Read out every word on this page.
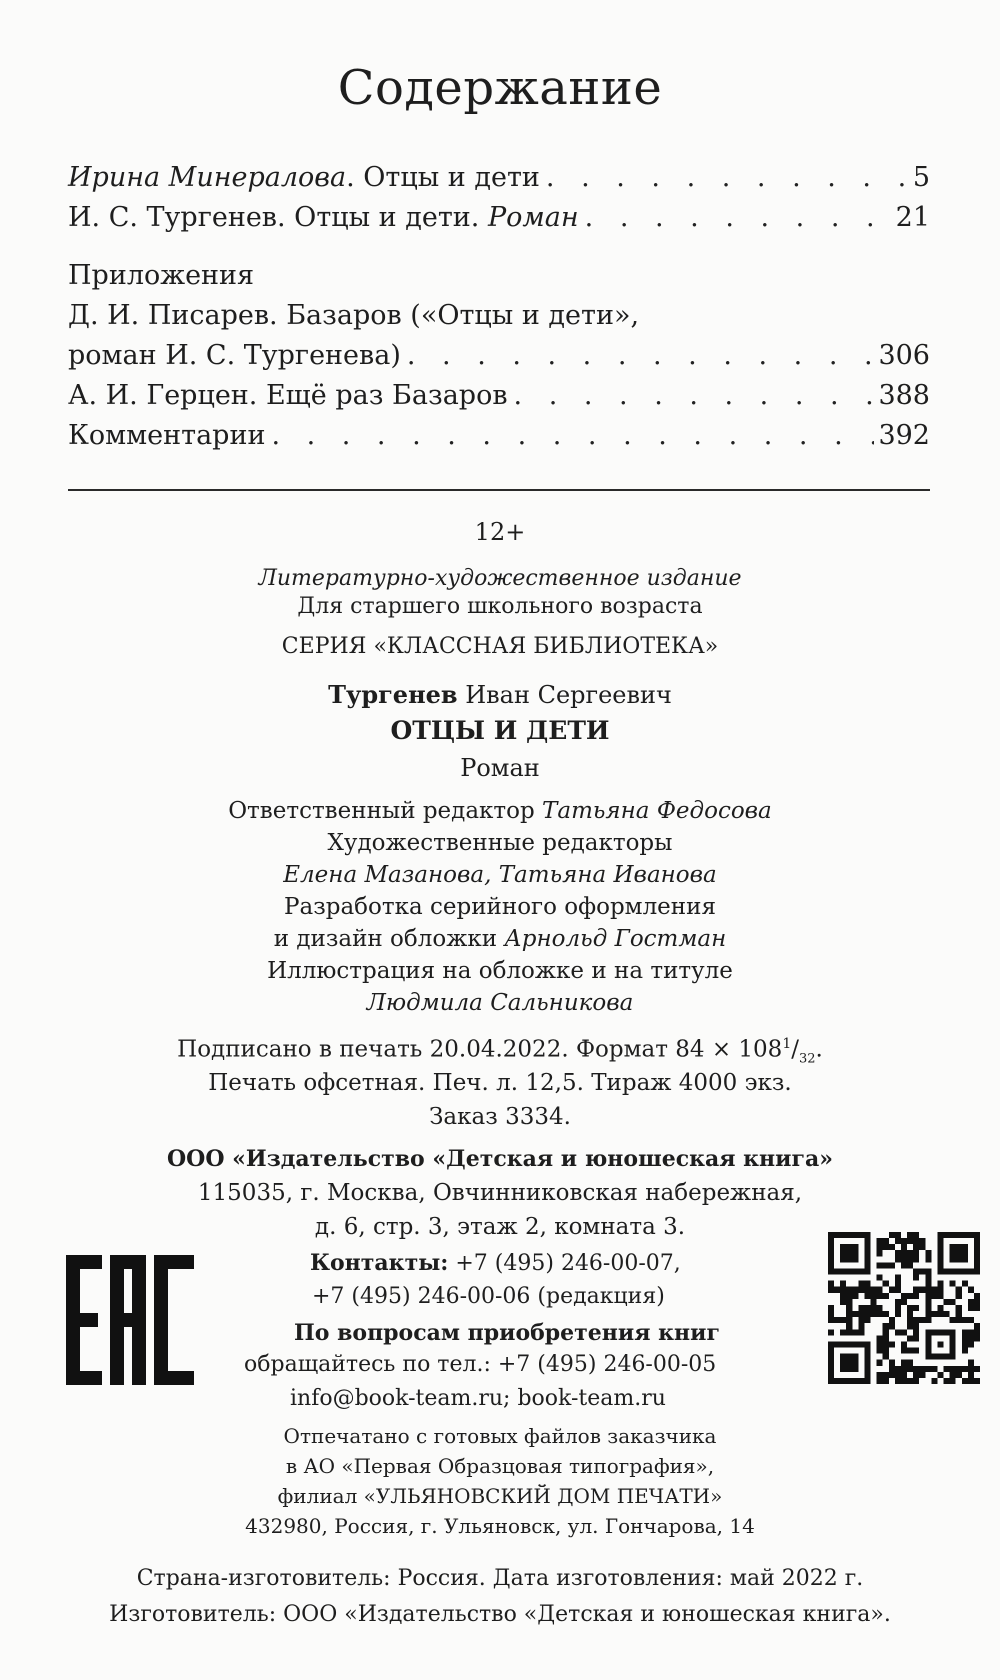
Содержание
Ирина Минералова. Отцы и дети . . .	5
И. С. Тургенев. Отцы и дети. Роман . . .	21
Приложения
Д. И. Писарев. Базаров («Отцы и дети»,
роман И. С. Тургенева) . . .	306
А. И. Герцен. Ещё раз Базаров . . .	388
Комментарии . . .	392
12+
Литературно-художественное издание
Для старшего школьного возраста
СЕРИЯ «КЛАССНАЯ БИБЛИОТЕКА»
Тургенев Иван Сергеевич
ОТЦЫ И ДЕТИ
Роман
Ответственный редактор Татьяна Федосова
Художественные редакторы
Елена Мазанова, Татьяна Иванова
Разработка серийного оформления
и дизайн обложки Арнольд Гостман
Иллюстрация на обложке и на титуле
Людмила Сальникова
Подписано в печать 20.04.2022. Формат $84 \times 108^1/_{32}$.
Печать офсетная. Печ. л. 12,5. Тираж 4000 экз.
Заказ 3334.
ООО «Издательство «Детская и юношеская книга»
115035, г. Москва, Овчинниковская набережная,
д. 6, стр. 3, этаж 2, комната 3.
Контакты: +7 (495) 246-00-07,
+7 (495) 246-00-06 (редакция)
По вопросам приобретения книг
обращайтесь по тел.: +7 (495) 246-00-05
info@book-team.ru; book-team.ru
Отпечатано с готовых файлов заказчика
в АО «Первая Образцовая типография»,
филиал «УЛЬЯНОВСКИЙ ДОМ ПЕЧАТИ»
432980, Россия, г. Ульяновск, ул. Гончарова, 14
Страна-изготовитель: Россия. Дата изготовления: май 2022 г.
Изготовитель: ООО «Издательство «Детская и юношеская книга».
